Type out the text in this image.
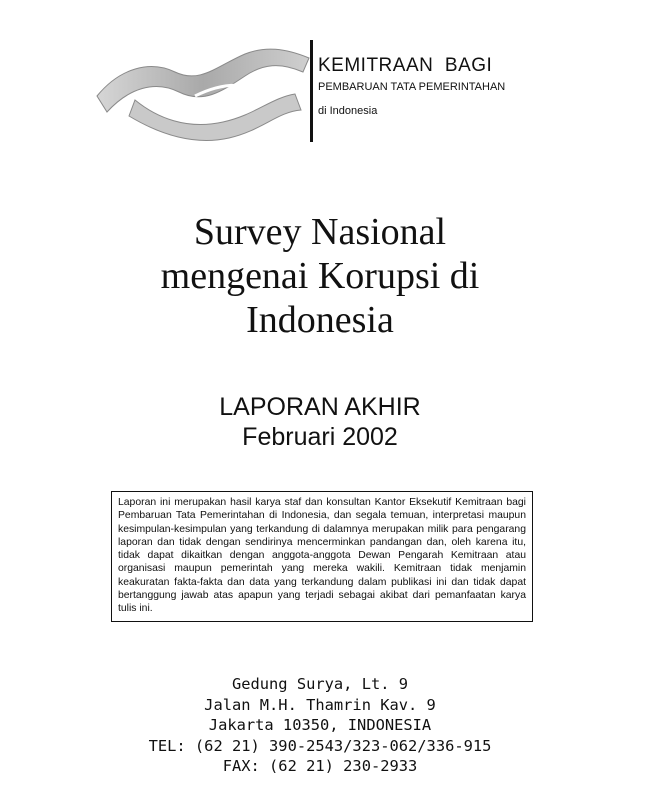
KEMITRAAN  BAGI
PEMBARUAN TATA PEMERINTAHAN
di Indonesia
Survey Nasional
mengenai Korupsi di
Indonesia
LAPORAN AKHIR
Februari 2002
Laporan ini merupakan hasil karya staf dan konsultan Kantor Eksekutif Kemitraan bagi Pembaruan Tata Pemerintahan di Indonesia, dan segala temuan, interpretasi maupun kesimpulan-kesimpulan yang terkandung di dalamnya merupakan milik para pengarang laporan dan tidak dengan sendirinya mencerminkan pandangan dan, oleh karena itu, tidak dapat dikaitkan dengan anggota-anggota Dewan Pengarah Kemitraan atau organisasi maupun pemerintah yang mereka wakili. Kemitraan tidak menjamin keakuratan fakta-fakta dan data yang terkandung dalam publikasi ini dan tidak dapat bertanggung jawab atas apapun yang terjadi sebagai akibat dari pemanfaatan karya tulis ini.
Gedung Surya, Lt. 9
Jalan M.H. Thamrin Kav. 9
Jakarta 10350, INDONESIA
TEL: (62 21) 390-2543/323-062/336-915
FAX: (62 21) 230-2933
